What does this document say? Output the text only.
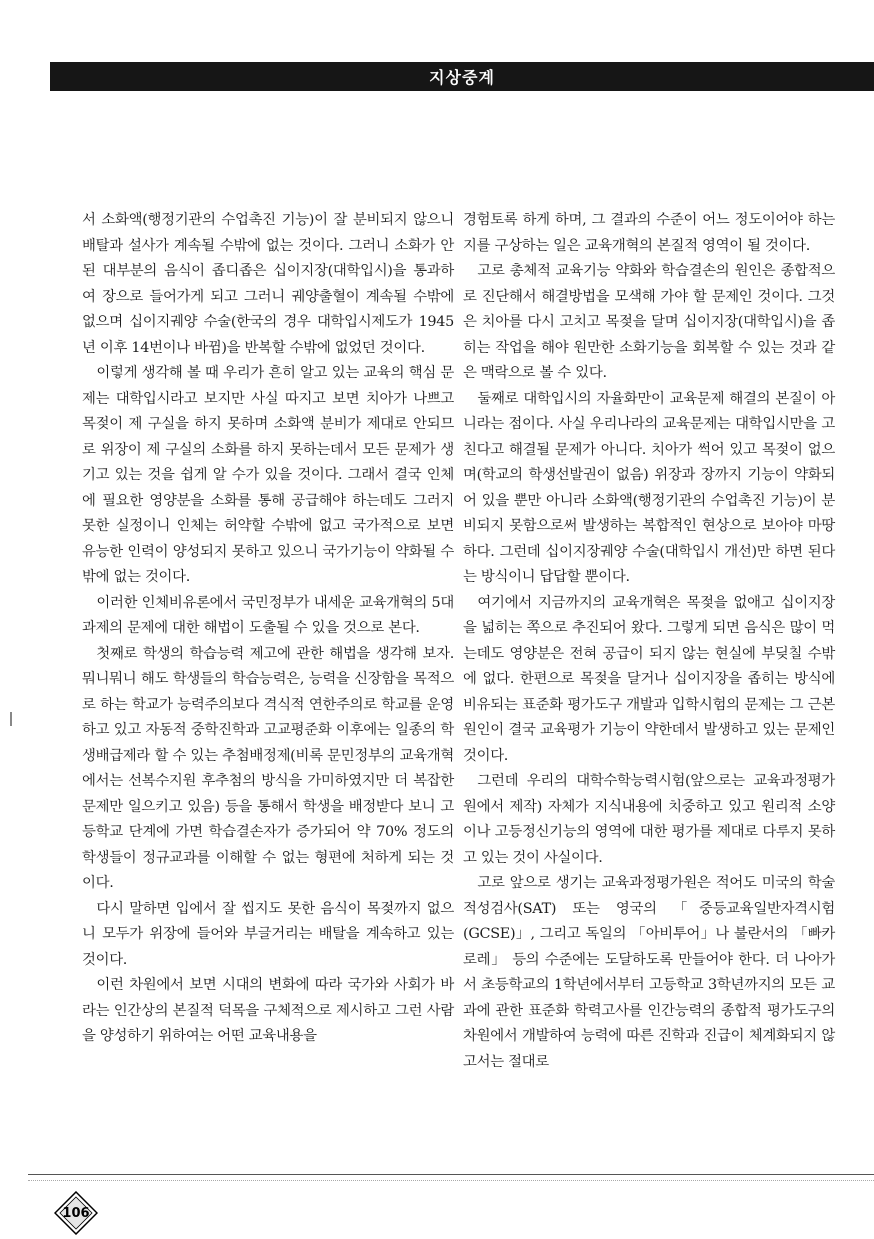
지상중계

서 소화액(행정기관의 수업촉진 기능)이 잘 분비되지 않으니 배탈과 설사가 계속될 수밖에 없는 것이다. 그러니 소화가 안 된 대부분의 음식이 좁디좁은 십이지장(대학입시)을 통과하여 장으로 들어가게 되고 그러니 궤양출혈이 계속될 수밖에 없으며 십이지궤양 수술(한국의 경우 대학입시제도가 1945년 이후 14번이나 바뀜)을 반복할 수밖에 없었던 것이다.

이렇게 생각해 볼 때 우리가 흔히 알고 있는 교육의 핵심 문제는 대학입시라고 보지만 사실 따지고 보면 치아가 나쁘고 목젖이 제 구실을 하지 못하며 소화액 분비가 제대로 안되므로 위장이 제 구실의 소화를 하지 못하는데서 모든 문제가 생기고 있는 것을 쉽게 알 수가 있을 것이다. 그래서 결국 인체에 필요한 영양분을 소화를 통해 공급해야 하는데도 그러지 못한 실정이니 인체는 허약할 수밖에 없고 국가적으로 보면 유능한 인력이 양성되지 못하고 있으니 국가기능이 약화될 수밖에 없는 것이다.

이러한 인체비유론에서 국민정부가 내세운 교육개혁의 5대 과제의 문제에 대한 해법이 도출될 수 있을 것으로 본다.

첫째로 학생의 학습능력 제고에 관한 해법을 생각해 보자. 뭐니뭐니 해도 학생들의 학습능력은, 능력을 신장함을 목적으로 하는 학교가 능력주의보다 격식적 연한주의로 학교를 운영하고 있고 자동적 중학진학과 고교평준화 이후에는 일종의 학생배급제라 할 수 있는 추첨배정제(비록 문민정부의 교육개혁에서는 선복수지원 후추첨의 방식을 가미하였지만 더 복잡한 문제만 일으키고 있음) 등을 통해서 학생을 배정받다 보니 고등학교 단계에 가면 학습결손자가 증가되어 약 70% 정도의 학생들이 정규교과를 이해할 수 없는 형편에 처하게 되는 것이다.

다시 말하면 입에서 잘 씹지도 못한 음식이 목젖까지 없으니 모두가 위장에 들어와 부글거리는 배탈을 계속하고 있는 것이다.

이런 차원에서 보면 시대의 변화에 따라 국가와 사회가 바라는 인간상의 본질적 덕목을 구체적으로 제시하고 그런 사람을 양성하기 위하여는 어떤 교육내용을

경험토록 하게 하며, 그 결과의 수준이 어느 정도이어야 하는지를 구상하는 일은 교육개혁의 본질적 영역이 될 것이다.

고로 총체적 교육기능 약화와 학습결손의 원인은 종합적으로 진단해서 해결방법을 모색해 가야 할 문제인 것이다. 그것은 치아를 다시 고치고 목젖을 달며 십이지장(대학입시)을 좁히는 작업을 해야 원만한 소화기능을 회복할 수 있는 것과 같은 맥락으로 볼 수 있다.

둘째로 대학입시의 자율화만이 교육문제 해결의 본질이 아니라는 점이다. 사실 우리나라의 교육문제는 대학입시만을 고친다고 해결될 문제가 아니다. 치아가 썩어 있고 목젖이 없으며(학교의 학생선발권이 없음) 위장과 장까지 기능이 약화되어 있을 뿐만 아니라 소화액(행정기관의 수업촉진 기능)이 분비되지 못함으로써 발생하는 복합적인 현상으로 보아야 마땅하다. 그런데 십이지장궤양 수술(대학입시 개선)만 하면 된다는 방식이니 답답할 뿐이다.

여기에서 지금까지의 교육개혁은 목젖을 없애고 십이지장을 넓히는 쪽으로 추진되어 왔다. 그렇게 되면 음식은 많이 먹는데도 영양분은 전혀 공급이 되지 않는 현실에 부딪칠 수밖에 없다. 한편으로 목젖을 달거나 십이지장을 좁히는 방식에 비유되는 표준화 평가도구 개발과 입학시험의 문제는 그 근본 원인이 결국 교육평가 기능이 약한데서 발생하고 있는 문제인 것이다.

그런데 우리의 대학수학능력시험(앞으로는 교육과정평가원에서 제작) 자체가 지식내용에 치중하고 있고 원리적 소양이나 고등정신기능의 영역에 대한 평가를 제대로 다루지 못하고 있는 것이 사실이다.

고로 앞으로 생기는 교육과정평가원은 적어도 미국의 학술적성검사(SAT) 또는 영국의 「중등교육일반자격시험(GCSE)」, 그리고 독일의 「아비투어」나 불란서의 「빠카로레」 등의 수준에는 도달하도록 만들어야 한다. 더 나아가서 초등학교의 1학년에서부터 고등학교 3학년까지의 모든 교과에 관한 표준화 학력고사를 인간능력의 종합적 평가도구의 차원에서 개발하여 능력에 따른 진학과 진급이 체계화되지 않고서는 절대로

106
